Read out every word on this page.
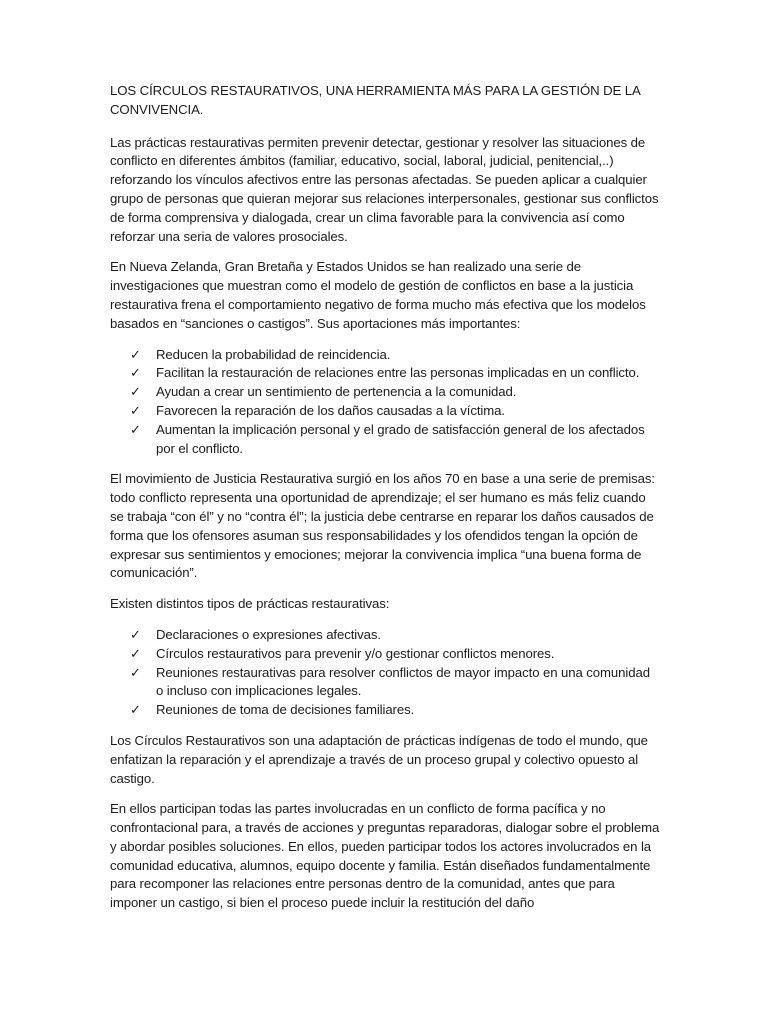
LOS CÍRCULOS RESTAURATIVOS, UNA HERRAMIENTA MÁS PARA LA GESTIÓN DE LA CONVIVENCIA.

Las prácticas restaurativas permiten prevenir detectar, gestionar y resolver las situaciones de conflicto en diferentes ámbitos (familiar, educativo, social, laboral, judicial, penitencial,..) reforzando los vínculos afectivos entre las personas afectadas. Se pueden aplicar a cualquier grupo de personas que quieran mejorar sus relaciones interpersonales, gestionar sus conflictos de forma comprensiva y dialogada, crear un clima favorable para la convivencia así como reforzar una seria de valores prosociales.

En Nueva Zelanda, Gran Bretaña y Estados Unidos se han realizado una serie de investigaciones que muestran como el modelo de gestión de conflictos en base a la justicia restaurativa frena el comportamiento negativo de forma mucho más efectiva que los modelos basados en “sanciones o castigos”. Sus aportaciones más importantes:

✓ Reducen la probabilidad de reincidencia.
✓ Facilitan la restauración de relaciones entre las personas implicadas en un conflicto.
✓ Ayudan a crear un sentimiento de pertenencia a la comunidad.
✓ Favorecen la reparación de los daños causadas a la víctima.
✓ Aumentan la implicación personal y el grado de satisfacción general de los afectados por el conflicto.

El movimiento de Justicia Restaurativa surgió en los años 70 en base a una serie de premisas: todo conflicto representa una oportunidad de aprendizaje; el ser humano es más feliz cuando se trabaja “con él” y no “contra él”; la justicia debe centrarse en reparar los daños causados de forma que los ofensores asuman sus responsabilidades y los ofendidos tengan la opción de expresar sus sentimientos y emociones; mejorar la convivencia implica “una buena forma de comunicación”.

Existen distintos tipos de prácticas restaurativas:

✓ Declaraciones o expresiones afectivas.
✓ Círculos restaurativos para prevenir y/o gestionar conflictos menores.
✓ Reuniones restaurativas para resolver conflictos de mayor impacto en una comunidad o incluso con implicaciones legales.
✓ Reuniones de toma de decisiones familiares.

Los Círculos Restaurativos son una adaptación de prácticas indígenas de todo el mundo, que enfatizan la reparación y el aprendizaje a través de un proceso grupal y colectivo opuesto al castigo.

En ellos participan todas las partes involucradas en un conflicto de forma pacífica y no confrontacional para, a través de acciones y preguntas reparadoras, dialogar sobre el problema y abordar posibles soluciones. En ellos, pueden participar todos los actores involucrados en la comunidad educativa, alumnos, equipo docente y familia. Están diseñados fundamentalmente para recomponer las relaciones entre personas dentro de la comunidad, antes que para imponer un castigo, si bien el proceso puede incluir la restitución del daño
